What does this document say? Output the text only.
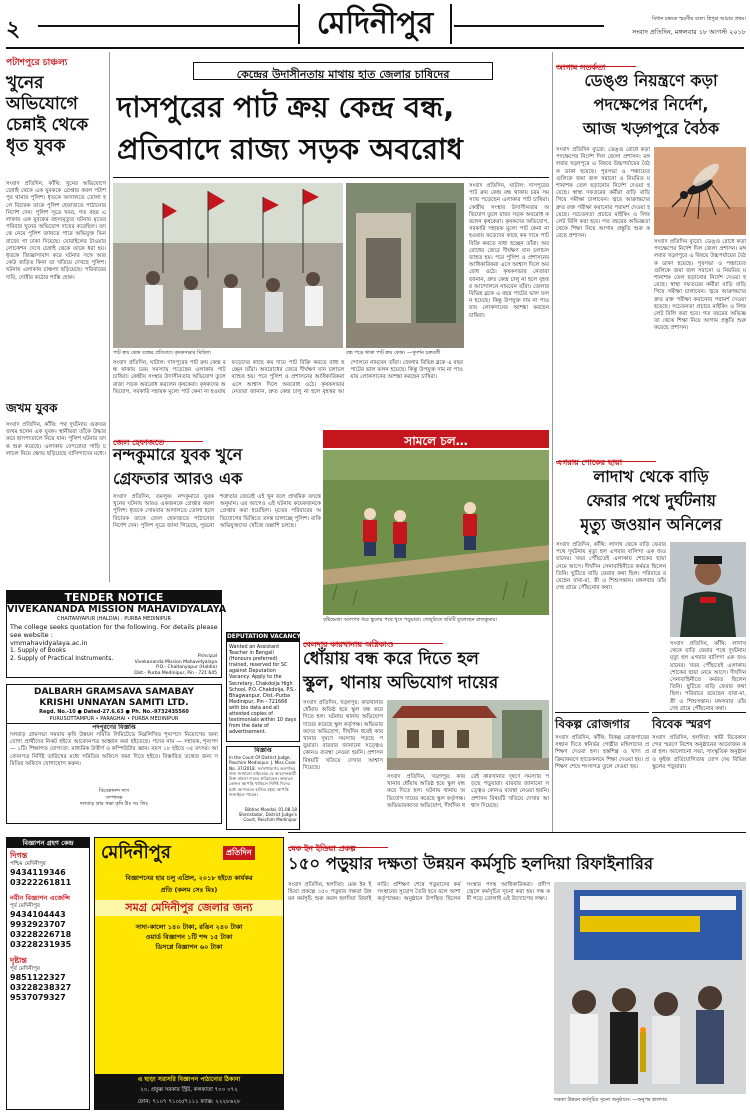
২	মেদিনীপুর	বিধান চন্দ্রকে স্মরণীয় বলে। হিপুরা আচার প্রথম।
সংবাদ প্রতিদিন, মঙ্গলবার ১৮ আগস্ট ২০১৮
পটাশপুরে চাঞ্চল্য
খুনের অভিযোগে চেন্নাই থেকে ধৃত যুবক
সংবাদ প্রতিদিন, কাঁথি: খুনের অভিযোগে চেন্নাই থেকে এক যুবককে গ্রেপ্তার করল পটাশপুর থানার পুলিশ। ধৃতকে আদালতে তোলা হলে বিচারক তাকে পুলিশ হেফাজতে পাঠানোর নির্দেশ দেন। পুলিশ সূত্রে খবর, গত বছর এলাকায় এক যুবকের রহস্যমৃত্যুর ঘটনায় মৃতের পরিবার খুনের অভিযোগ দায়ের করেছিল। তদন্তে নেমে পুলিশ জানতে পারে অভিযুক্ত ভিন রাজ্যে গা ঢাকা দিয়েছে। মোবাইলের টাওয়ার লোকেশন দেখে চেন্নাই থেকে তাকে ধরা হয়। ধৃতকে জিজ্ঞাসাবাদ করে ঘটনার সঙ্গে আর কেউ জড়িত কিনা তা খতিয়ে দেখছে পুলিশ। ঘটনায় এলাকায় চাঞ্চল্য ছড়িয়েছে। পরিবারের দাবি, দোষীর কঠোর শাস্তি হোক।
জখম যুবক
সংবাদ প্রতিদিন, কাঁথি: পথ দুর্ঘটনায় গুরুতর জখম হলেন এক যুবক। স্থানীয়রা তাঁকে উদ্ধার করে হাসপাতালে নিয়ে যান। পুলিশ ঘটনার তদন্ত শুরু করেছে। এলাকায় বেপরোয়া গাড়ি চলাচল নিয়ে ক্ষোভ ছড়িয়েছে বাসিন্দাদের মধ্যে।
কেন্দ্রের উদাসীনতায় মাথায় হাত জেলার চাষিদের
দাসপুরের পাট ক্রয় কেন্দ্র বন্ধ,
প্রতিবাদে রাজ্য সড়ক অবরোধ
পাট ক্রয় কেন্দ্র বন্ধের প্রতিবাদে কৃষকসভার মিছিল।	বন্ধ পড়ে থাকা পাট ক্রয় কেন্দ্র। —সুদর্শন চক্রবর্তী
সংবাদ প্রতিদিন, ঘাটাল: দাসপুরের পাট ক্রয় কেন্দ্র বন্ধ থাকায় চরম সমস্যায় পড়েছেন এলাকার পাট চাষিরা। কেন্দ্রীয় সংস্থার উদাসীনতার অভিযোগ তুলে রাজ্য সড়ক অবরোধ করলেন কৃষকেরা। কৃষকদের অভিযোগ, সরকারি সহায়ক মূল্যে পাট কেনা না হওয়ায় ফড়েদের কাছে কম দামে পাট বিক্রি করতে বাধ্য হচ্ছেন তাঁরা। অবরোধের জেরে দীর্ঘক্ষণ যান চলাচল ব্যাহত হয়। পরে পুলিশ ও প্রশাসনের আধিকারিকরা এসে আশ্বাস দিলে অবরোধ ওঠে। কৃষকসভার নেতারা জানান, দ্রুত কেন্দ্র চালু না হলে বৃহত্তর আন্দোলনে নামবেন তাঁরা। জেলার বিভিন্ন ব্লকে এ বছর পাটের ভাল ফলন হয়েছে। কিন্তু উপযুক্ত দাম না পাওয়ায় লোকসানের আশঙ্কা করছেন চাষিরা।
সংবাদ প্রতিদিন, ঘাটাল: দাসপুরের পাট ক্রয় কেন্দ্র বন্ধ থাকায় চরম সমস্যায় পড়েছেন এলাকার পাট চাষিরা। কেন্দ্রীয় সংস্থার উদাসীনতার অভিযোগ তুলে রাজ্য সড়ক অবরোধ করলেন কৃষকেরা। কৃষকদের অভিযোগ, সরকারি সহায়ক মূল্যে পাট কেনা না হওয়ায় ফড়েদের কাছে কম দামে পাট বিক্রি করতে বাধ্য হচ্ছেন তাঁরা। অবরোধের জেরে দীর্ঘক্ষণ যান চলাচল ব্যাহত হয়। পরে পুলিশ ও প্রশাসনের আধিকারিকরা এসে আশ্বাস দিলে অবরোধ ওঠে। কৃষকসভার নেতারা জানান, দ্রুত কেন্দ্র চালু না হলে বৃহত্তর আন্দোলনে নামবেন তাঁরা। জেলার বিভিন্ন ব্লকে এ বছর পাটের ভাল ফলন হয়েছে। কিন্তু উপযুক্ত দাম না পাওয়ায় লোকসানের আশঙ্কা করছেন চাষিরা।
জেল হেফাজতে
নন্দকুমারে যুবক খুনে
গ্রেফতার আরও এক
সংবাদ প্রতিদিন, তমলুক: নন্দকুমারে যুবক খুনের ঘটনায় আরও একজনকে গ্রেপ্তার করল পুলিশ। ধৃতকে সোমবার আদালতে তোলা হলে বিচারক তাকে জেল হেফাজতে পাঠানোর নির্দেশ দেন। পুলিশ সূত্রে জানা গিয়েছে, পুরনো শত্রুতার জেরেই এই খুন বলে প্রাথমিক তদন্তে অনুমান। এর আগেও এই ঘটনায় কয়েকজনকে গ্রেপ্তার করা হয়েছিল। মৃতের পরিবারের অভিযোগের ভিত্তিতে তদন্ত চালাচ্ছে পুলিশ। বাকি অভিযুক্তদের খোঁজে তল্লাশি চলছে।
সামলে চল…
বৃষ্টিভেজা আলপথ ধরে স্কুলের পথে খুদে পড়ুয়ারা। খেজুরিতে ছবিটি তুলেছেন রাজকুমার।
বেলদার কারখানায় অগ্নিকাণ্ড
ধোঁয়ায় বন্ধ করে দিতে হল
স্কুল, থানায় অভিযোগ দায়ের
সংবাদ প্রতিদিন, খড়্গপুর: কারখানার ধোঁয়ায় অতিষ্ঠ হয়ে স্কুল বন্ধ করে দিতে হল। ঘটনায় থানায় অভিযোগ দায়ের করেছে স্কুল কর্তৃপক্ষ। অভিভাবকদের অভিযোগ, দীর্ঘদিন ধরেই কারখানার দূষণে সমস্যায় পড়ছে পড়ুয়ারা। বারবার জানানো সত্ত্বেও কোনও ব্যবস্থা নেওয়া হয়নি। প্রশাসন বিষয়টি খতিয়ে দেখার আশ্বাস দিয়েছে।
সংবাদ প্রতিদিন, খড়্গপুর: কারখানার ধোঁয়ায় অতিষ্ঠ হয়ে স্কুল বন্ধ করে দিতে হল। ঘটনায় থানায় অভিযোগ দায়ের করেছে স্কুল কর্তৃপক্ষ। অভিভাবকদের অভিযোগ, দীর্ঘদিন ধরেই কারখানার দূষণে সমস্যায় পড়ছে পড়ুয়ারা। বারবার জানানো সত্ত্বেও কোনও ব্যবস্থা নেওয়া হয়নি। প্রশাসন বিষয়টি খতিয়ে দেখার আশ্বাস দিয়েছে।
আগাম সতর্কতা
ডেঙ্গু নিয়ন্ত্রণে কড়া
পদক্ষেপের নির্দেশ,
আজ খড়্গপুরে বৈঠক
সংবাদ প্রতিদিন ব্যুরো: ডেঙ্গু রোধে কড়া পদক্ষেপের নির্দেশ দিল জেলা প্রশাসন। মঙ্গলবার খড়্গপুরে এ বিষয়ে উচ্চপর্যায়ের বৈঠক ডাকা হয়েছে। পুরসভা ও পঞ্চায়েতগুলিকে জমা জল সরানো ও নিয়মিত মশানাশক তেল ছড়ানোর নির্দেশ দেওয়া হয়েছে। স্বাস্থ্য দফতরের কর্মীরা বাড়ি বাড়ি গিয়ে সমীক্ষা চালাবেন। জ্বরে আক্রান্তদের দ্রুত রক্ত পরীক্ষা করানোর পরামর্শ দেওয়া হয়েছে। সচেতনতা প্রচারে মাইকিং ও লিফলেট বিলি করা হবে। গত বছরের অভিজ্ঞতা থেকে শিক্ষা নিয়ে আগাম প্রস্তুতি শুরু করেছে প্রশাসন।
সংবাদ প্রতিদিন ব্যুরো: ডেঙ্গু রোধে কড়া পদক্ষেপের নির্দেশ দিল জেলা প্রশাসন। মঙ্গলবার খড়্গপুরে এ বিষয়ে উচ্চপর্যায়ের বৈঠক ডাকা হয়েছে। পুরসভা ও পঞ্চায়েতগুলিকে জমা জল সরানো ও নিয়মিত মশানাশক তেল ছড়ানোর নির্দেশ দেওয়া হয়েছে। স্বাস্থ্য দফতরের কর্মীরা বাড়ি বাড়ি গিয়ে সমীক্ষা চালাবেন। জ্বরে আক্রান্তদের দ্রুত রক্ত পরীক্ষা করানোর পরামর্শ দেওয়া হয়েছে। সচেতনতা প্রচারে মাইকিং ও লিফলেট বিলি করা হবে। গত বছরের অভিজ্ঞতা থেকে শিক্ষা নিয়ে আগাম প্রস্তুতি শুরু করেছে প্রশাসন।
এগরায় শোকের ছায়া
লাদাখ থেকে বাড়ি
ফেরার পথে দুর্ঘটনায়
মৃত্যু জওয়ান অনিলের
সংবাদ প্রতিদিন, কাঁথি: লাদাখ থেকে বাড়ি ফেরার পথে দুর্ঘটনায় মৃত্যু হল এগরার বাসিন্দা এক জওয়ানের। খবর পৌঁছতেই এলাকায় শোকের ছায়া নেমে আসে। দীর্ঘদিন সেনাবাহিনীতে কর্মরত ছিলেন তিনি। ছুটিতে বাড়ি ফেরার কথা ছিল। পরিবারে রয়েছেন বাবা-মা, স্ত্রী ও শিশুসন্তান। মঙ্গলবার তাঁর দেহ গ্রামে পৌঁছনোর কথা।
সংবাদ প্রতিদিন, কাঁথি: লাদাখ থেকে বাড়ি ফেরার পথে দুর্ঘটনায় মৃত্যু হল এগরার বাসিন্দা এক জওয়ানের। খবর পৌঁছতেই এলাকায় শোকের ছায়া নেমে আসে। দীর্ঘদিন সেনাবাহিনীতে কর্মরত ছিলেন তিনি। ছুটিতে বাড়ি ফেরার কথা ছিল। পরিবারে রয়েছেন বাবা-মা, স্ত্রী ও শিশুসন্তান। মঙ্গলবার তাঁর দেহ গ্রামে পৌঁছনোর কথা।
বিকল্প রোজগার
সংবাদ প্রতিদিন, কাঁথি: বিকল্প রোজগারের সন্ধান দিতে স্বনির্ভর গোষ্ঠীর মহিলাদের প্রশিক্ষণ দেওয়া হল। হস্তশিল্প ও খাদ্য প্রক্রিয়াকরণে হাতেকলমে শিক্ষা দেওয়া হয়। প্রশিক্ষণ শেষে শংসাপত্র তুলে দেওয়া হয়।
বিবেক স্মরণ
সংবাদ প্রতিদিন, হলদিয়া: স্বামী বিবেকানন্দের স্মরণে বিশেষ অনুষ্ঠানের আয়োজন করা হল। আলোচনা সভা, সাংস্কৃতিক অনুষ্ঠান ও কুইজ প্রতিযোগিতায় যোগ দেয় বিভিন্ন স্কুলের পড়ুয়ারা।
TENDER NOTICE
VIVEKANANDA MISSION MAHAVIDYALAYA
CHAITANYAPUR (HALDIA) : PURBA MEDINIPUR
The college seeks quotation for the following. For details please see website :
vmmahavidyalaya.ac.in
1. Supply of Books
2. Supply of Practical Instruments.	Principal
Vivekananda Mission Mahavidyalaya
P.O.- Chaitanyapur (Haldia)
Dist.- Purba Medinipur, Pin - 721 645
DALBARH GRAMSAVA SAMABAY
KRISHI UNNAYAN SAMITI LTD.
Regd. No.-10 ● Dated-27.6.63 ● Ph. No.-9732435560
PURUSOTTAMPUR • PARAGHAI • PURBA MEDINIPUR
পদপূরণের বিজ্ঞপ্তি
দলবাড় গ্রামসভা সমবায় কৃষি উন্নয়ন সমিতি লিমিটেডে নিম্নলিখিত শূন্যপদে নিয়োগের জন্য যোগ্য প্রার্থীদের নিকট হইতে আবেদনপত্র আহ্বান করা হইতেছে। পদের নাম — সহায়ক, শূন্যপদ — ১টি। শিক্ষাগত যোগ্যতা: মাধ্যমিক উত্তীর্ণ ও কম্পিউটার জ্ঞান। বয়স ১৮ হইতে ৩৫ বৎসর। আবেদনপত্র নির্দিষ্ট তারিখের মধ্যে সমিতির অফিসে জমা দিতে হইবে। বিস্তারিত তথ্যের জন্য সমিতির অফিসে যোগাযোগ করুন।
বিবেকানন্দ দাস
সম্পাদক
দলবাড় গ্রাম সভা কৃষি উঃ সঃ লিঃ
DEPUTATION VACANCY
Wanted an Assistant Teacher in Bengali (Honours preferred) trained, reserved for SC against Deputation Vacancy. Apply to the Secretary, Chakdoija High School, P.O.-Chakdoija, P.S.-Bhagwanpur, Dist.-Purba Medinipur, Pin - 721666 with bio data and all attested copies of testimonials within 10 days from the date of advertisement.
বিজ্ঞপ্তি
In the Court Of District Judge, Paschim Medinipur. J. Misc.Case No. 37/2018. সর্বসাধারণের অবগতির জন্য জানানো যাইতেছে যে আবেদনকারী উক্ত মামলা দায়ের করিয়াছেন। কাহারও কোনও আপত্তি থাকিলে নির্দিষ্ট দিনের মধ্যে আদালতে হাজির হইয়া আপত্তি জানাইতে পারেন।
Bibhas Mondal, 01.08.18
Sheristadar, District Judge's Court, Paschim Medinipur
বিজ্ঞাপন গ্রহণ কেন্দ্র
দিগন্ত
পশ্চিম মেদিনীপুর
9434119346
03222261811
নবীন বিজ্ঞাপন এজেন্সি
পূর্ব মেদিনীপুর
9434104443
9932923707
03228226718
03228231935
দৃষ্টান্ত
পূর্ব মেদিনীপুর
9851122327
03228238327
9537079327
মেদিনীপুর	প্রতিদিন
বিজ্ঞাপনের হার চলু এপ্রিল, ২০১৮ হইতে কার্যকর
প্রতি (কলম সেঃ মিঃ)
সমগ্র মেদিনীপুর জেলার জন্য
সাদা-কালো ১৪০ টাকা, রঙিন ২৪০ টাকা
ওয়ার্ড বিজ্ঞাপন ১টি শব্দ ১৫ টাকা
ডিসপ্লে বিজ্ঞাপন ৬০ টাকা
এ ছাড়া সরাসরি বিজ্ঞাপন পাঠানোর ঠিকানা
২০, প্রফুল্ল সরকার স্ট্রিট, কলকাতা ৭০০ ০৭২
ফোন: ৭১০৭ ৭১০৮/৭১১১ ফ্যাক্স: ২২২৮৬২৮
মেক ইন ইন্ডিয়া প্রকল্প
১৫০ পড়ুয়ার দক্ষতা উন্নয়ন কর্মসূচি হলদিয়া রিফাইনারির
সংবাদ প্রতিদিন, হলদিয়া: মেক ইন ইন্ডিয়া প্রকল্পে ১৫০ পড়ুয়ার দক্ষতা উন্নয়ন কর্মসূচি শুরু করল হলদিয়া রিফাইনারি। প্রশিক্ষণ শেষে পড়ুয়াদের কর্মসংস্থানের সুযোগ তৈরি হবে বলে আশা কর্তৃপক্ষের। অনুষ্ঠানে উপস্থিত ছিলেন সংস্থার পদস্থ আধিকারিকরা। প্রদীপ জ্বেলে কর্মসূচির সূচনা করা হয়। দক্ষ কর্মী গড়ে তোলাই এই উদ্যোগের লক্ষ্য।
দক্ষতা উন্নয়ন কর্মসূচির সূচনা অনুষ্ঠানে। —অনুপম হালদার
